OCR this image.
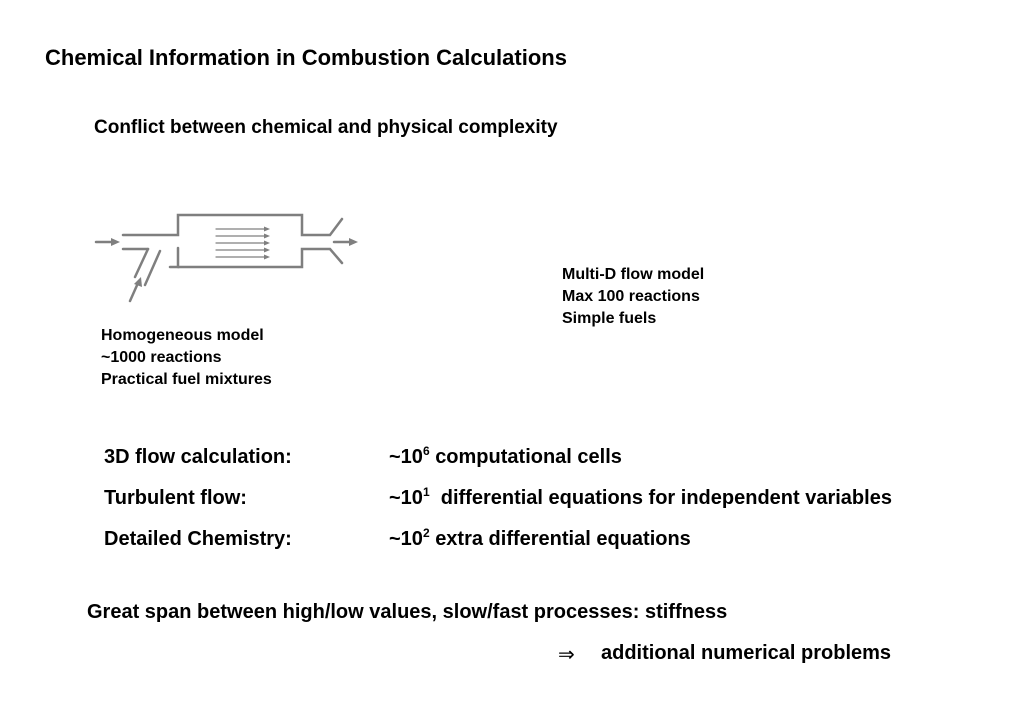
Chemical Information in Combustion Calculations
Conflict between chemical and physical complexity
Homogeneous model
~1000 reactions
Practical fuel mixtures
Multi-D flow model
Max 100 reactions
Simple fuels
3D flow calculation:	$\sim 10^6$ computational cells
Turbulent flow:	$\sim 10^1$ differential equations for independent variables
Detailed Chemistry:	$\sim 10^2$ extra differential equations
Great span between high/low values, slow/fast processes: stiffness
⇒ additional numerical problems
